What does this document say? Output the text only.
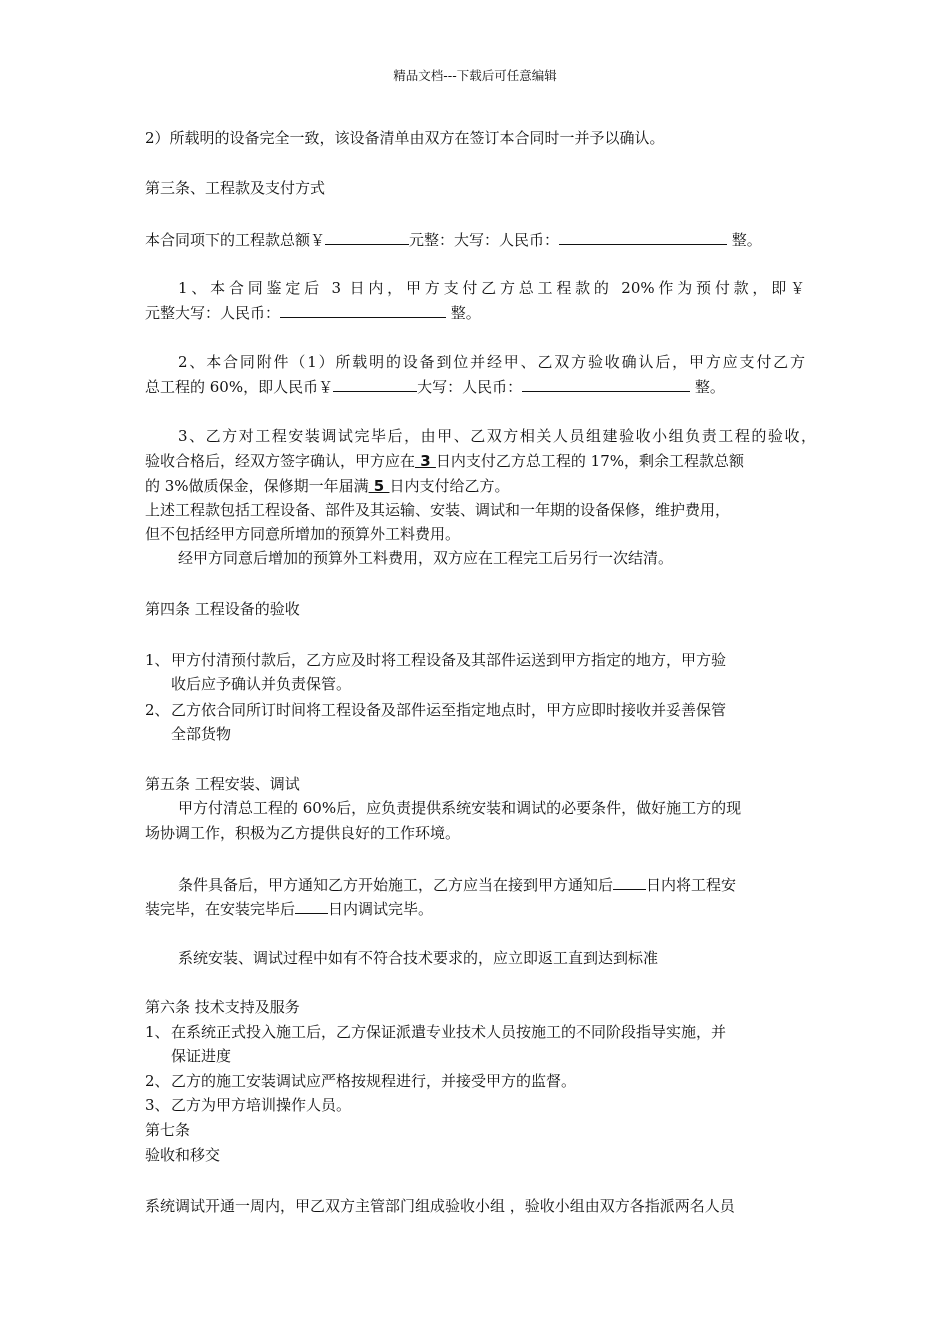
精品文档---下载后可任意编辑
2）所载明的设备完全一致，该设备清单由双方在签订本合同时一并予以确认。
第三条、工程款及支付方式
本合同项下的工程款总额￥	元整：大写：人民币：	整。
1、本合同鉴定后 3 日内，甲方支付乙方总工程款的 20%作为预付款，即￥
元整大写：人民币：	整。
2、本合同附件（1）所载明的设备到位并经甲、乙双方验收确认后，甲方应支付乙方
总工程的 60%，即人民币￥	大写：人民币：	整。
3、乙方对工程安装调试完毕后，由甲、乙双方相关人员组建验收小组负责工程的验收，
验收合格后，经双方签字确认，甲方应在 3 日内支付乙方总工程的 17%，剩余工程款总额
的 3%做质保金，保修期一年届满 5 日内支付给乙方。
上述工程款包括工程设备、部件及其运输、安装、调试和一年期的设备保修，维护费用，
但不包括经甲方同意所增加的预算外工料费用。
经甲方同意后增加的预算外工料费用，双方应在工程完工后另行一次结清。
第四条 工程设备的验收
1、 甲方付清预付款后，乙方应及时将工程设备及其部件运送到甲方指定的地方，甲方验
收后应予确认并负责保管。
2、 乙方依合同所订时间将工程设备及部件运至指定地点时，甲方应即时接收并妥善保管
全部货物
第五条 工程安装、调试
甲方付清总工程的 60%后，应负责提供系统安装和调试的必要条件，做好施工方的现
场协调工作，积极为乙方提供良好的工作环境。
条件具备后，甲方通知乙方开始施工，乙方应当在接到甲方通知后 日内将工程安
装完毕，在安装完毕后 日内调试完毕。
系统安装、调试过程中如有不符合技术要求的，应立即返工直到达到标准
第六条 技术支持及服务
1、 在系统正式投入施工后，乙方保证派遣专业技术人员按施工的不同阶段指导实施，并
保证进度
2、 乙方的施工安装调试应严格按规程进行，并接受甲方的监督。
3、 乙方为甲方培训操作人员。
第七条
验收和移交
系统调试开通一周内，甲乙双方主管部门组成验收小组 ，验收小组由双方各指派两名人员
